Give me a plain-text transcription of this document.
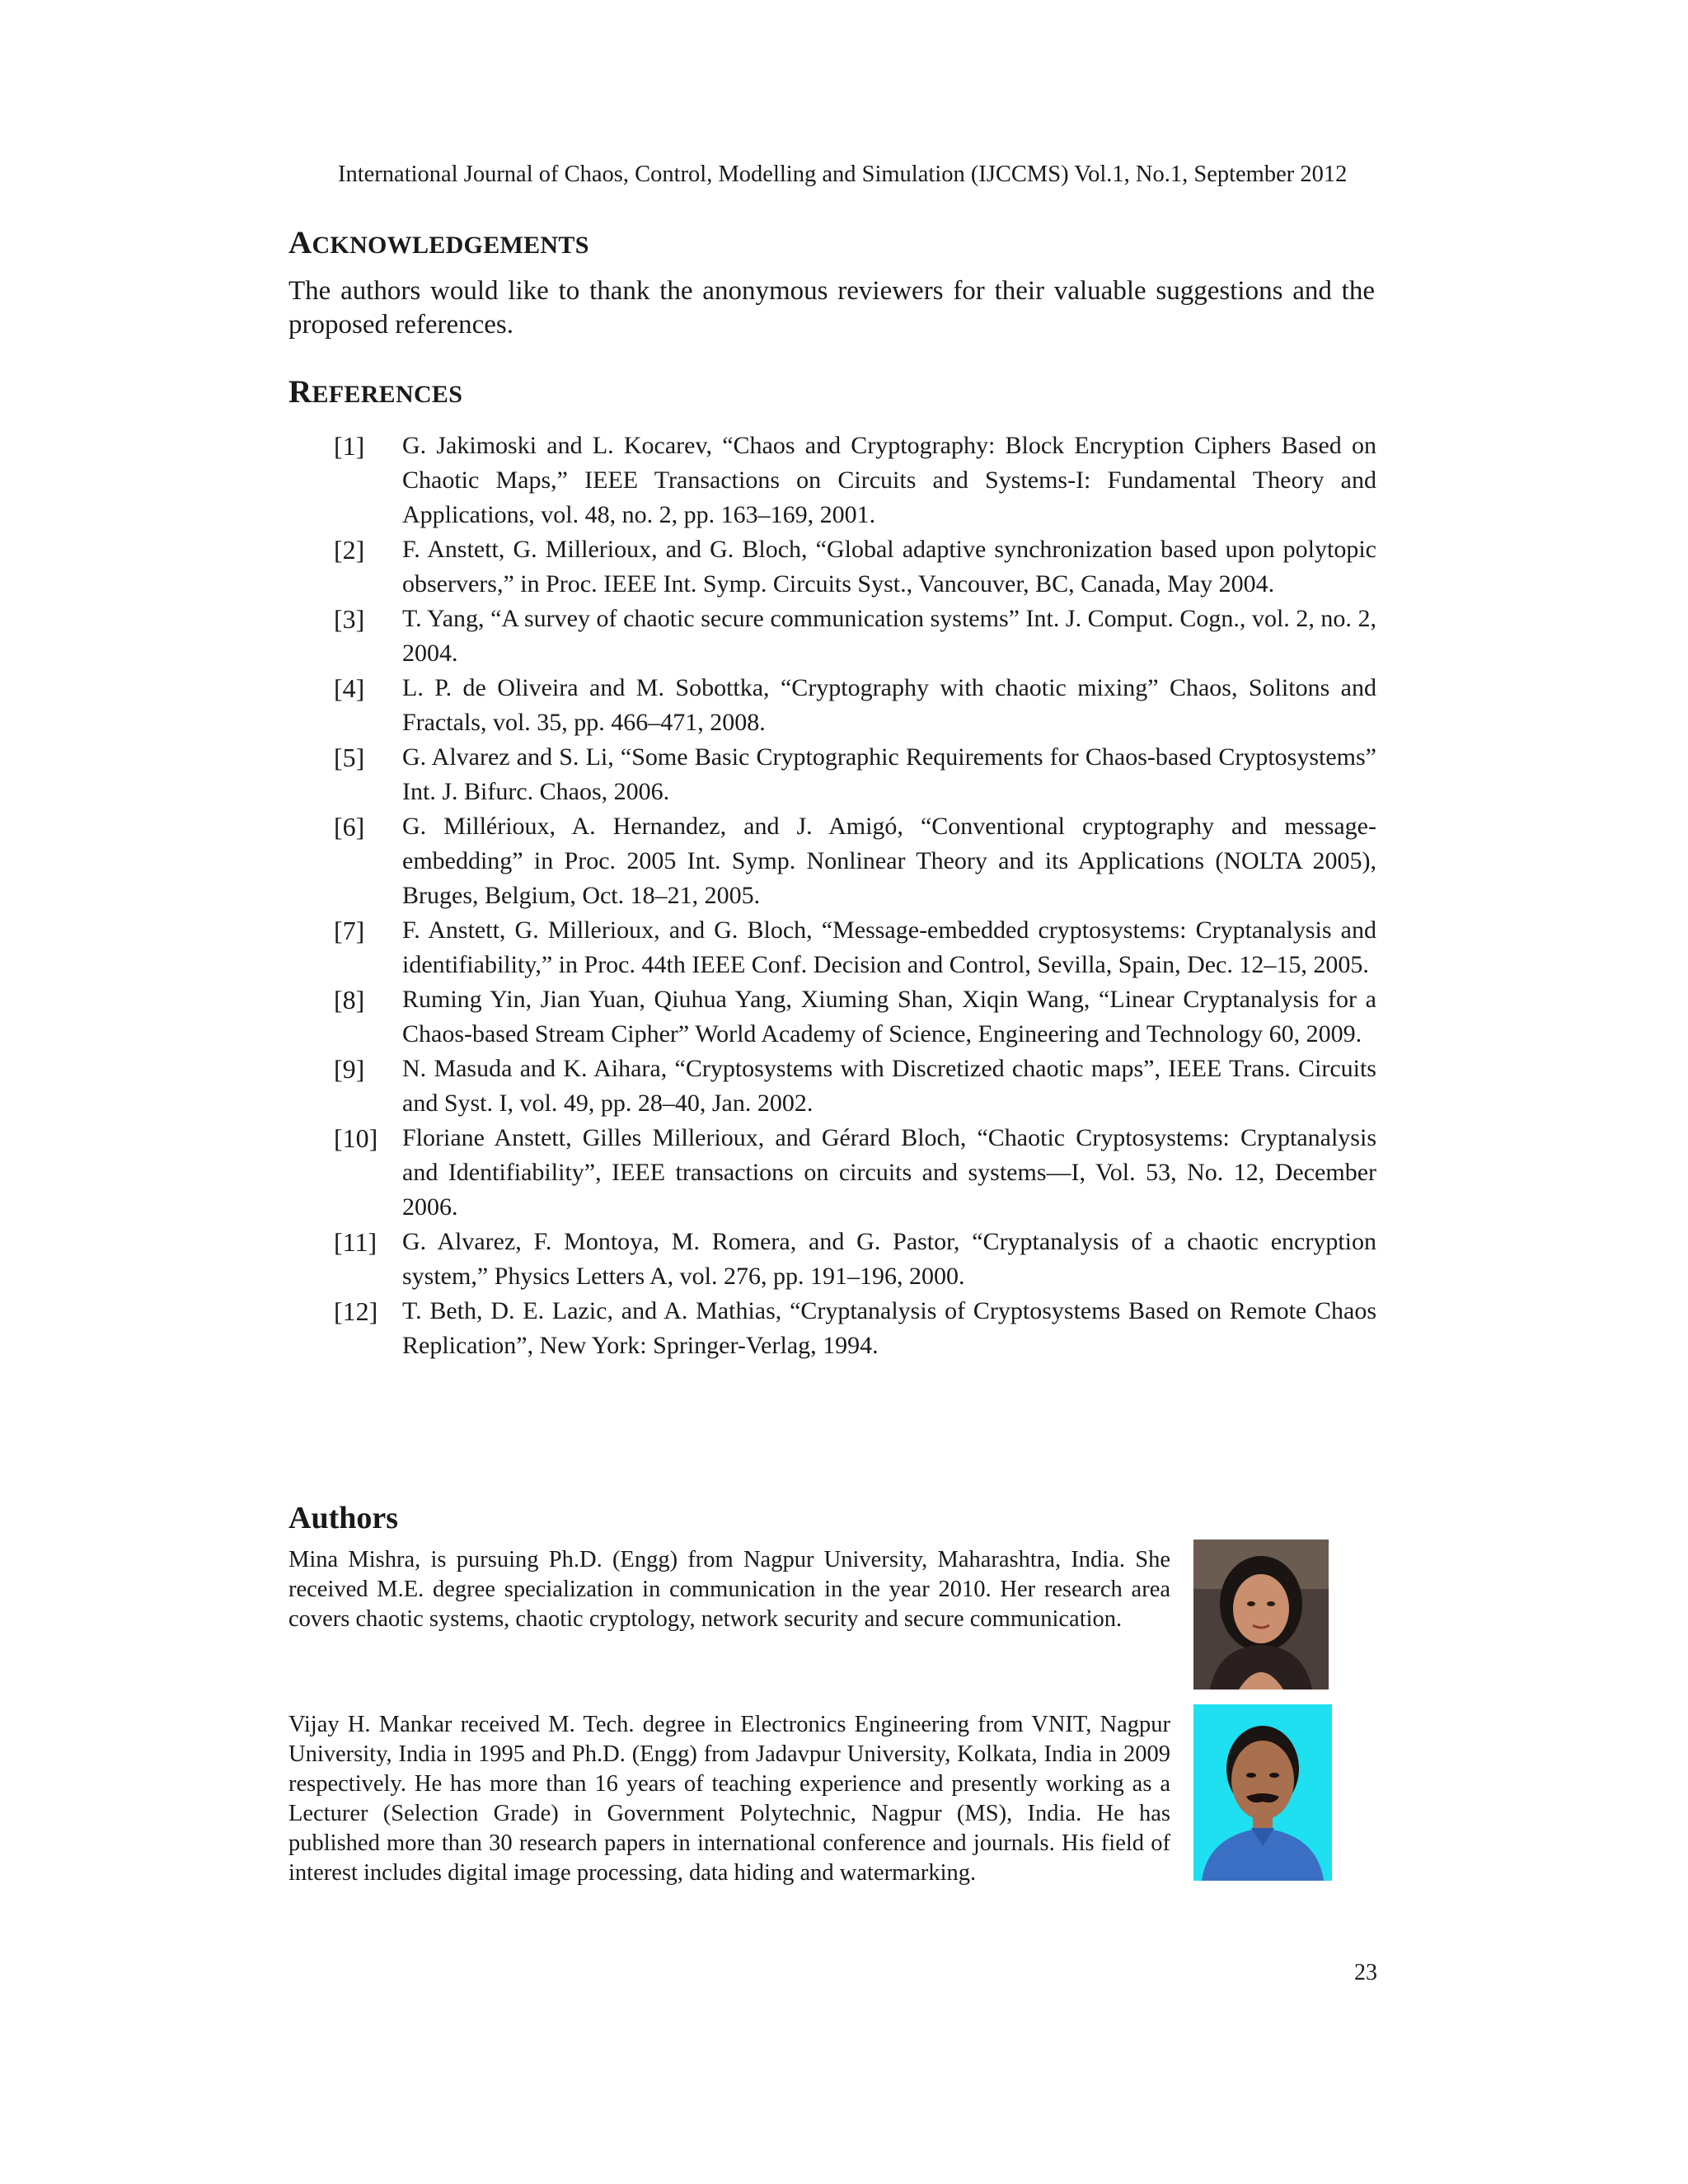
International Journal of Chaos, Control, Modelling and Simulation (IJCCMS) Vol.1, No.1, September 2012
ACKNOWLEDGEMENTS
The authors would like to thank the anonymous reviewers for their valuable suggestions and the proposed references.
REFERENCES
[1]	G. Jakimoski and L. Kocarev, “Chaos and Cryptography: Block Encryption Ciphers Based on Chaotic Maps,” IEEE Transactions on Circuits and Systems-I: Fundamental Theory and Applications, vol. 48, no. 2, pp. 163–169, 2001.
[2]	F. Anstett, G. Millerioux, and G. Bloch, “Global adaptive synchronization based upon polytopic observers,” in Proc. IEEE Int. Symp. Circuits Syst., Vancouver, BC, Canada, May 2004.
[3]	T. Yang, “A survey of chaotic secure communication systems” Int. J. Comput. Cogn., vol. 2, no. 2, 2004.
[4]	L. P. de Oliveira and M. Sobottka, “Cryptography with chaotic mixing” Chaos, Solitons and Fractals, vol. 35, pp. 466–471, 2008.
[5]	G. Alvarez and S. Li, “Some Basic Cryptographic Requirements for Chaos-based Cryptosystems” Int. J. Bifurc. Chaos, 2006.
[6]	G. Millérioux, A. Hernandez, and J. Amigó, “Conventional cryptography and message-embedding” in Proc. 2005 Int. Symp. Nonlinear Theory and its Applications (NOLTA 2005), Bruges, Belgium, Oct. 18–21, 2005.
[7]	F. Anstett, G. Millerioux, and G. Bloch, “Message-embedded cryptosystems: Cryptanalysis and identifiability,” in Proc. 44th IEEE Conf. Decision and Control, Sevilla, Spain, Dec. 12–15, 2005.
[8]	Ruming Yin, Jian Yuan, Qiuhua Yang, Xiuming Shan, Xiqin Wang, “Linear Cryptanalysis for a Chaos-based Stream Cipher” World Academy of Science, Engineering and Technology 60, 2009.
[9]	N. Masuda and K. Aihara, “Cryptosystems with Discretized chaotic maps”, IEEE Trans. Circuits and Syst. I, vol. 49, pp. 28–40, Jan. 2002.
[10] Floriane Anstett, Gilles Millerioux, and Gérard Bloch, “Chaotic Cryptosystems: Cryptanalysis and Identifiability”, IEEE transactions on circuits and systems—I, Vol. 53, No. 12, December 2006.
[11]	G. Alvarez, F. Montoya, M. Romera, and G. Pastor, “Cryptanalysis of a chaotic encryption system,” Physics Letters A, vol. 276, pp. 191–196, 2000.
[12] T. Beth, D. E. Lazic, and A. Mathias, “Cryptanalysis of Cryptosystems Based on Remote Chaos Replication”, New York: Springer-Verlag, 1994.
Authors
Mina Mishra, is pursuing Ph.D. (Engg) from Nagpur University, Maharashtra, India. She received M.E. degree specialization in communication in the year 2010. Her research area covers chaotic systems, chaotic cryptology, network security and secure communication.
Vijay H. Mankar received M. Tech. degree in Electronics Engineering from VNIT, Nagpur University, India in 1995 and Ph.D. (Engg) from Jadavpur University, Kolkata, India in 2009 respectively. He has more than 16 years of teaching experience and presently working as a Lecturer (Selection Grade) in Government Polytechnic, Nagpur (MS), India. He has published more than 30 research papers in international conference and journals. His field of interest includes digital image processing, data hiding and watermarking.
23
